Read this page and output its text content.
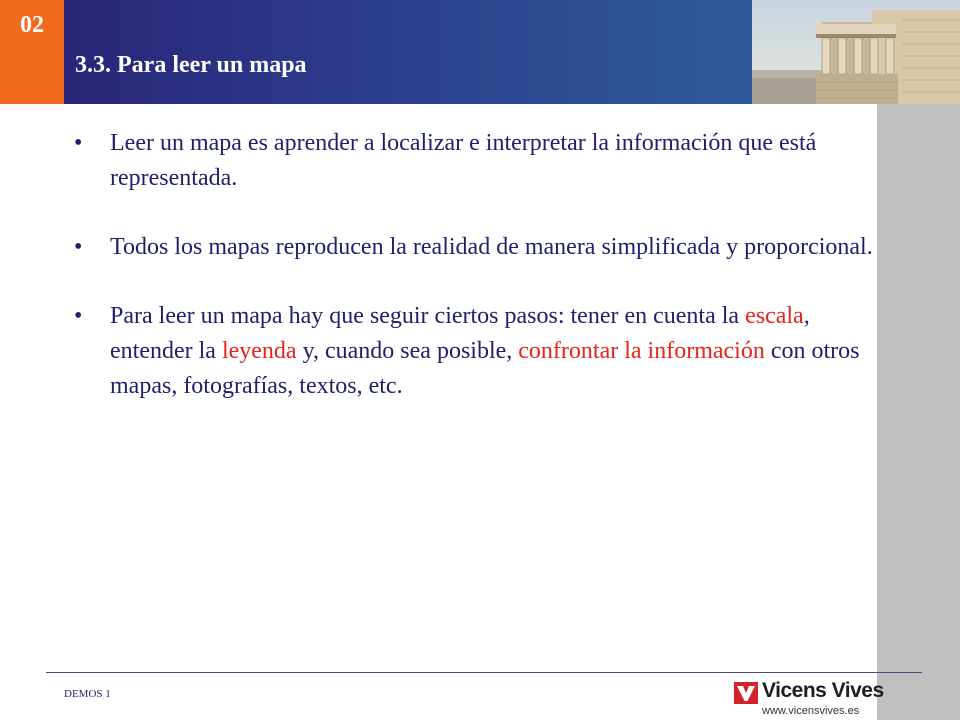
3.3. Para leer un mapa
02
• Leer un mapa es aprender a localizar e interpretar la información que está representada.
• Todos los mapas reproducen la realidad de manera simplificada y proporcional.
• Para leer un mapa hay que seguir ciertos pasos: tener en cuenta la escala, entender la leyenda y, cuando sea posible, confrontar la información con otros mapas, fotografías, textos, etc.
DEMOS 1	Vicens Vives
www.vicensvives.es
